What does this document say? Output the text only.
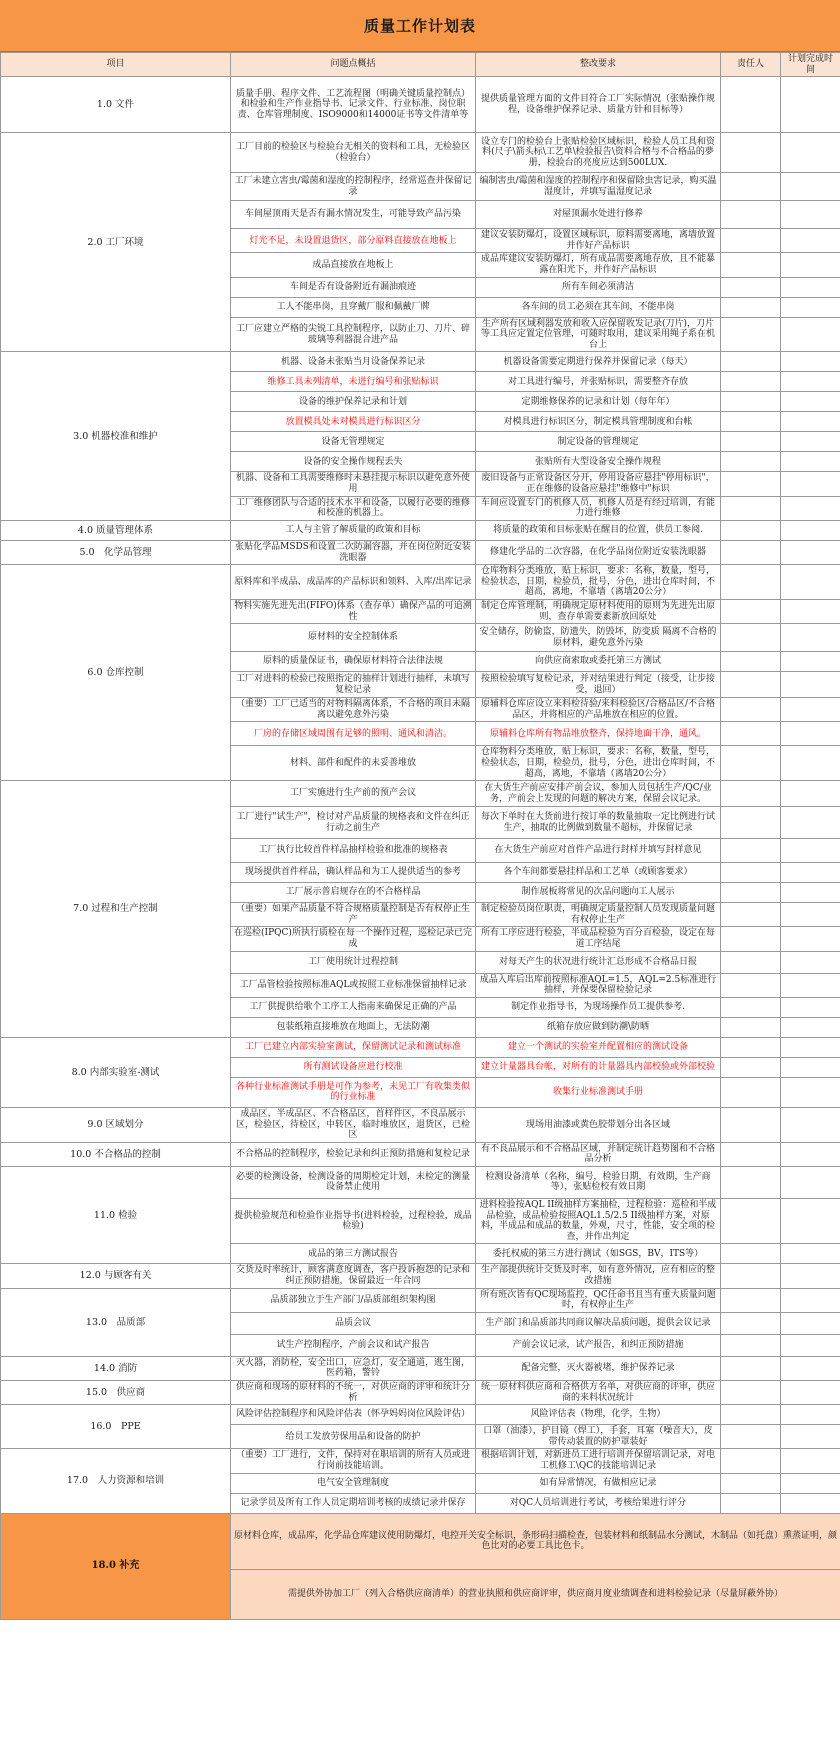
质量工作计划表
项目	问题点概括	整改要求	责任人	计划完成时间
1.0 文件	质量手册、程序文件、工艺流程图（明确关键质量控制点）和检验和生产作业指导书、记录文件、行业标准、岗位职责、仓库管理制度、ISO9000和14000证书等文件清单等	提供质量管理方面的文件目符合工厂实际情况（张贴操作规程，设备维护保养记录、质量方针和目标等）		
2.0 工厂环境	工厂目前的检验区与检验台无相关的资料和工具，无检验区（检验台）	设立专门的检验台上张贴检验区域标识，检验人员工具和资料(尺子\箭头标\工艺单\检验报告\资料合格与不合格品的夢册，检验台的亮度应达到500LUX.		
	工厂未建立害虫/霉菌和湿度的控制程序，经常巡查并保留记录	编制害虫/霉菌和湿度的控制程序和保留除虫害记录，购买温湿度计，并填写温湿度记录		
	车间屋顶雨天是否有漏水情况发生，可能导致产品污染	对屋顶漏水处进行修养		
	灯光不足，未设置退货区，部分原料直接放在地板上	建议安装防爆灯，设置区域标识，原料需要离地，离墙放置并作好产品标识		
	成品直接放在地板上	成品库建议安装防爆灯，所有成品需要离地存放，且不能暴露在阳光下，并作好产品标识		
	车间是否有设备附近有漏油痕迹	所有车间必须清洁		
	工人不能串岗，且穿戴厂服和佩戴厂牌	各车间的员工必须在其车间，不能串岗		
	工厂应建立严格的尖锐工具控制程序，以防止刀、刀片、碎玻璃等利器混合进产品	生产所有区域利器发放和收入应保留收发记录(刀片)，刀片等工具应定置定位管理，可随时取用，建议采用绳子系在机台上		
3.0 机器校准和维护	机器、设备未张贴当月设备保养记录	机器设备需要定期进行保养并保留记录（每天）		
	维修工具未列清单，未进行编号和张贴标识	对工具进行编号，并张贴标识，需要整齐存放		
	设备的维护保养记录和计划	定期维修保养的记录和计划（每年年）		
	放置模具处未对模具进行标识区分	对模具进行标识区分，制定模具管理制度和台帐		
	设备无管理规定	制定设备的管理规定		
	设备的安全操作规程丢失	张贴所有大型设备安全操作规程		
	机器、设备和工具需要维修时未悬挂提示标识以避免意外使用	废旧设备与正常设备区分开，停用设备应悬挂"停用标识"，正在维修的设备应悬挂"维修中"标识		
	工厂维修团队与合适的技术水平和设备，以履行必要的维修和校准的机器上。	车间应设置专门的机修人员，机修人员是有经过培训，有能力进行维修		
4.0 质量管理体系	工人与主管了解质量的政策和目标	将质量的政策和目标张贴在醒目的位置，供员工参阅.		
5.0　化学品管理	张贴化学品MSDS和设置二次防漏容器，并在岗位附近安装洗眼器	修建化学品的二次容器，在化学品岗位附近安装洗眼器		
6.0 仓库控制	原料库和半成品、成品库的产品标识和领料、入库/出库记录	仓库物料分类堆放，贴上标识，要求：名称，数量，型号，检验状态，日期，检验员，批号，分色，进出仓库时间，不超高，离地，不靠墙（离墙20公分）		
	物料实施先进先出(FIFO)体系（查存单）确保产品的可追溯性	制定仓库管理制，明确规定原材料使用的原则为先进先出原则，查存单需要素新放回原处		
	原材料的安全控制体系	安全储存，防偷盗，防遗失，防毁坏，防变质 隔离不合格的原材料，避免意外污染		
	原料的质量保证书，确保原材料符合法律法规	向供应商索取或委托第三方测试		
	工厂对进料的检验已按照指定的抽样计划进行抽样，未填写复检记录	按照检验填写复检记录，并对结果进行判定（接受，让步接受，退回）		
	（重要）工厂已适当的对物料隔离体系，不合格的项目未隔离以避免意外污染	原辅料仓库应设立来料检待验/来料检验区/合格品区/不合格品区，并将相应的产品堆放在相应的位置。		
	厂房的存储区域周围有足够的照明、通风和清洁。	原辅料仓库所有物品堆放整齐，保持地面干净，通风。		
	材料、部件和配件的未妥善堆放	仓库物料分类堆放，贴上标识，要求：名称，数量，型号，检验状态，日期，检验员，批号，分色，进出仓库时间，不超高，离地，不靠墙（离墙20公分）		
7.0 过程和生产控制	工厂实施进行生产前的预产会议	在大货生产前应安排产前会议，参加人员包括生产/QC/业务，产前会上发现的问题的解决方案，保留会议记录。		
	工厂进行"试生产"，检讨对产品质量的规格表和文件在纠正行动之前生产	每次下单时在大货前进行按订单的数量抽取一定比例进行试生产，抽取的比例做到数量不超标，并保留记录		
	工厂执行比较首件样品抽样检验和批准的规格表	在大货生产前应对首件产品进行封样并填写封样意见		
	现场提供首件样品，确认样品和为工人提供适当的参考	各个车间都要悬挂样品和工艺单（或顾客要求）		
	工厂展示普启规存在的不合格样品	制作展板将常见的次品问题向工人展示		
	（重要）如果产品质量不符合规格质量控制是否有权停止生产	制定检验员岗位职责，明确规定质量控制人员发现质量问题有权停止生产		
	在巡检(IPQC)所执行质检在每一个操作过程，巡检记录已完成	所有工序应进行检验，半成品检验为百分百检验，设定在每道工序结尾		
	工厂使用统计过程控制	对每天产生的状况进行统计汇总形成不合格品日报		
	工厂品管检验按照标准AQL或按照工业标准保留抽样记录	成品入库后出库前按照标准AQL=1.5，AQL=2.5标准进行抽样，并保要保留检验记录		
	工厂供提供给歌个工序工人指南来确保足正确的产品	制定作业指导书，为现场操作员工提供参考.		
	包装纸箱直接堆放在地面上，无法防潮	纸箱存放应做到防潮\防晒		
8.0 内部实验室-测试	工厂已建立内部实验室测试，保留测试记录和测试标准	建立一个测试的实验室并配置相应的测试设备		
	所有测试设备应进行校准	建立计量器具台帐，对所有的计量器具内部校验或外部校验		
	各种行业标准测试手册是可作为参考，未见工厂有收集类似的行业标准	收集行业标准测试手册		
9.0 区域划分	成品区、半成品区、不合格品区，首样件区，不良品展示区，检验区，待检区，中转区，临时堆放区，退货区，已检区	现场用油漆或黄色胶带划分出各区域		
10.0 不合格品的控制	不合格品的控制程序，检验记录和纠正预防措施和复检记录	有不良品展示和不合格品区域，并制定统计趋势图和不合格品分析		
11.0 检验	必要的检测设备，检测设备的周期检定计划，未检定的测量设备禁止使用	检测设备清单（名称，编号，检验日期，有效期，生产商等），张贴检校有效日期		
	提供检验规范和检验作业指导书(进料检验，过程检验，成品检验)	进料检验按AQL II级抽样方案抽检，过程检验：巡检和半成品检验，成品检验按照AQL1.5/2.5 II级抽样方案，对原料，半成品和成品的数量，外观，尺寸，性能，安全项的检查，并作出判定		
	成品的第三方测试报告	委托权威的第三方进行测试（如SGS，BV，ITS等）		
12.0 与顾客有关	交货及时率统计，顾客满意度调查，客户投诉抱怨的记录和纠正预防措施，保留最近一年合同	生产部提供统计交货及时率，如有意外情况，应有相应的整改措施		
13.0　品质部	品质部独立于生产部门/品质部组织架构图	所有班次皆有QC现场监控，QC任命书且当有重大质量问题时，有权停止生产		
	品质会议	生产部门和品质部共同商议解决品质问题，提供会议记录		
	试生产控制程序，产前会议和试产报告	产前会议记录，试产报告，和纠正预防措施		
14.0 消防	灭火器，消防栓，安全出口，应急灯，安全通道，逃生图，医药箱，警铃	配备完整，灭火器被堵，维护保养记录		
15.0　供应商	供应商和现场的原材料的不统一，对供应商的评审和统计分析	统一原材料供应商和合格供方名单，对供应商的评审，供应商的来料状况统计		
16.0　PPE	风险评估控制程序和风险评估表（怀孕妈妈岗位风险评估）	风险评估表（物理，化学，生物）		
	给员工发放劳保用品和设备的防护	口罩（油漆），护目镜（焊工），手套，耳塞（噪音大），皮带传动装置的防护罩装好		
17.0　人力资源和培训	（重要）工厂进行，文件，保持对在职培训的所有人员或进行岗前技能培训。	根据培训计划，对新进员工进行培训并保留培训记录，对电工机修工\QC的技能培训记录		
	电气安全管理制度	如有异常情况，有做相应记录		
	记录学员及所有工作人员定期培训考核的成绩记录并保存	对QC人员培训进行考试，考核给果进行评分		
18.0 补充	原材料仓库，成品库，化学品仓库建议使用防爆灯，电控开关安全标识，条形码扫描检查，包装材料和纸制品水分测试，木制品（如托盘）熏蒸证明，颜色比对的必要工具比色卡。			
	需提供外协加工厂（列入合格供应商清单）的营业执照和供应商评审，供应商月度业绩调查和进料检验记录（尽量屏蔽外协）			
